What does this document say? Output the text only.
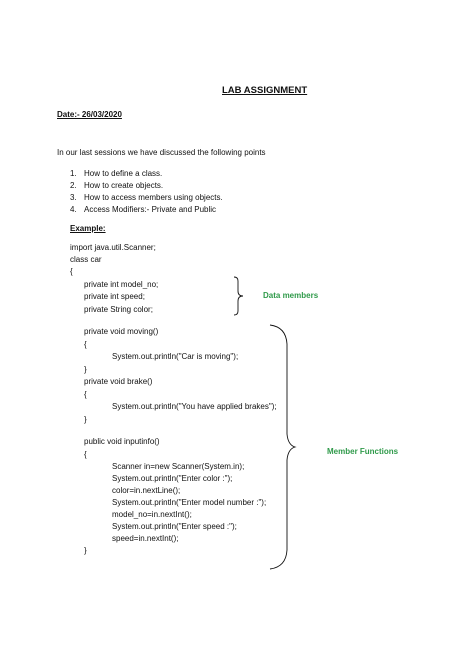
LAB ASSIGNMENT
Date:- 26/03/2020
In our last sessions we have discussed the following points
1. How to define a class.
2. How to create objects.
3. How to access members using objects.
4. Access Modifiers:- Private and Public
Example:
import java.util.Scanner;
class car
{
private int model_no;
private int speed;
private String color;
private void moving()
{
System.out.println("Car is moving");
}
private void brake()
{
System.out.println("You have applied brakes");
}
public void inputinfo()
{
Scanner in=new Scanner(System.in);
System.out.println("Enter color :");
color=in.nextLine();
System.out.println("Enter model number :");
model_no=in.nextInt();
System.out.println("Enter speed :");
speed=in.nextInt();
}
Data members
Member Functions
